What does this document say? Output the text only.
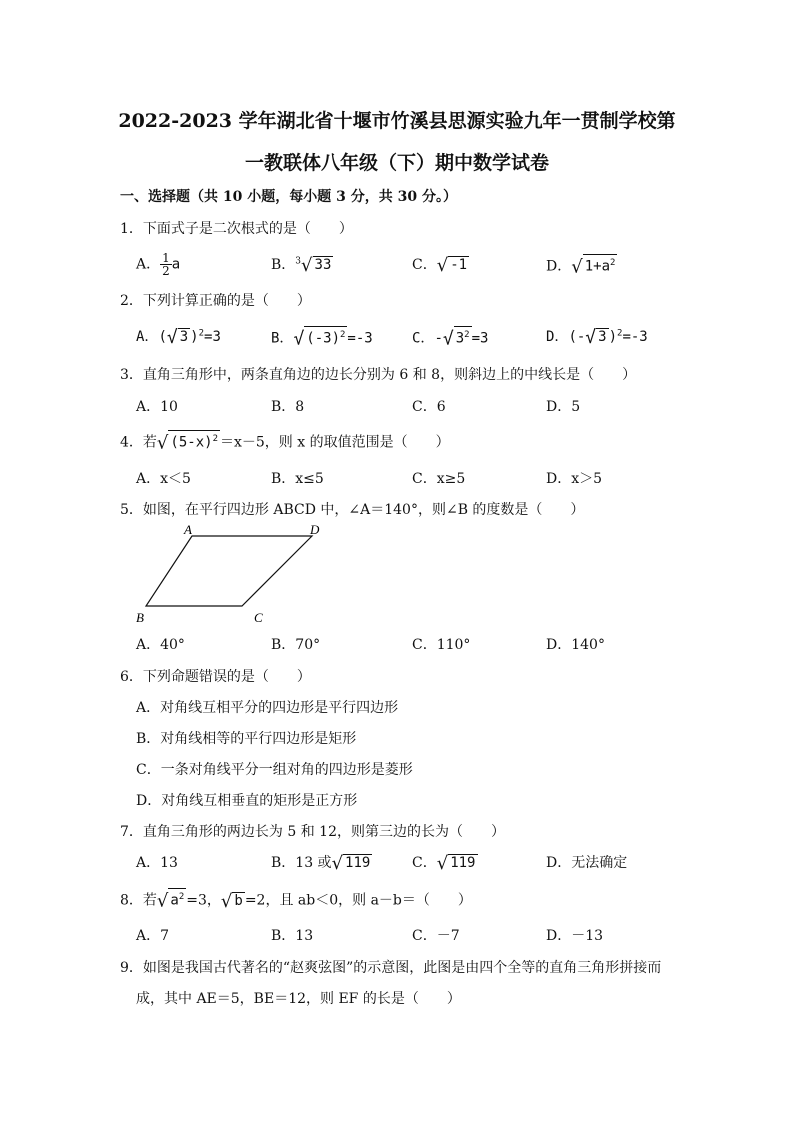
2022-2023 学年湖北省十堰市竹溪县思源实验九年一贯制学校第
一教联体八年级（下）期中数学试卷
一、选择题（共 10 小题，每小题 3 分，共 30 分。）
1．下面式子是二次根式的是（　　）
A． $\frac{1}{2}$ a	B．$^3$√ 33	C．√ -1	D．√ $1+a^2$
2．下列计算正确的是（　　）
A．(√ 3 )$^2$=3	B．√ $(-3)^2 =-3$	C．-√ $3^2 =3$	D．(-√ 3 )$^2$=-3
3．直角三角形中，两条直角边的边长分别为 6 和 8，则斜边上的中线长是（　　）
A．10	B．8	C．6	D．5
4．若√ $(5-x)^2 =x-5$，则 x 的取值范围是（　　）
A．x＜5	B．x≤5	C．x≥5	D．x＞5
5．如图，在平行四边形 ABCD 中，∠A＝140°，则∠B 的度数是（　　）
A	D
B	C
A．40°	B．70°	C．110°	D．140°
6．下列命题错误的是（　　）
A．对角线互相平分的四边形是平行四边形
B．对角线相等的平行四边形是矩形
C．一条对角线平分一组对角的四边形是菱形
D．对角线互相垂直的矩形是正方形
7．直角三角形的两边长为 5 和 12，则第三边的长为（　　）
A．13	B．13 或√ 119	C．√ 119	D．无法确定
8．若√ $a^2 =3$，√ b =2，且 ab＜0，则 a－b＝（　　）
A．7	B．13	C．－7	D．－13
9．如图是我国古代著名的“赵爽弦图”的示意图，此图是由四个全等的直角三角形拼接而
成，其中 AE＝5，BE＝12，则 EF 的长是（　　）
